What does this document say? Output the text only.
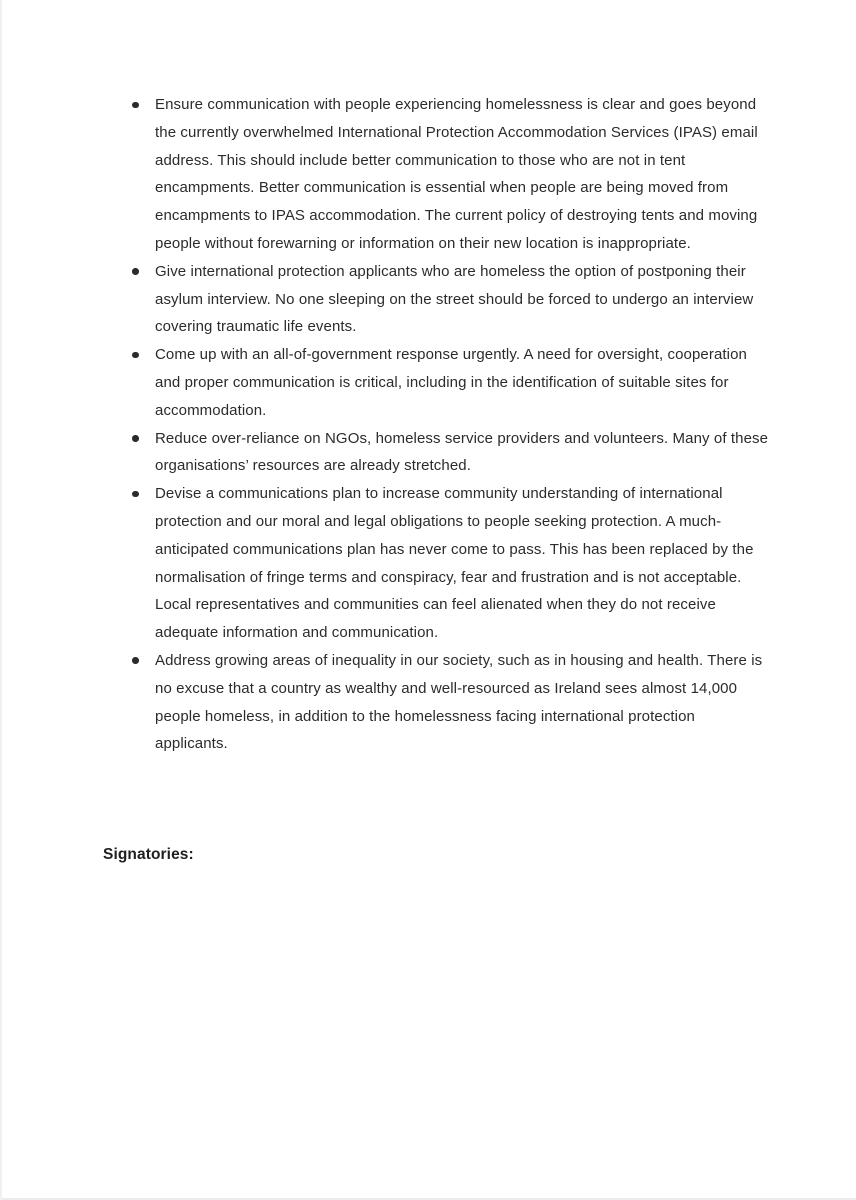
Ensure communication with people experiencing homelessness is clear and goes beyond the currently overwhelmed International Protection Accommodation Services (IPAS) email address. This should include better communication to those who are not in tent encampments. Better communication is essential when people are being moved from encampments to IPAS accommodation. The current policy of destroying tents and moving people without forewarning or information on their new location is inappropriate.
Give international protection applicants who are homeless the option of postponing their asylum interview. No one sleeping on the street should be forced to undergo an interview covering traumatic life events.
Come up with an all-of-government response urgently. A need for oversight, cooperation and proper communication is critical, including in the identification of suitable sites for accommodation.
Reduce over-reliance on NGOs, homeless service providers and volunteers. Many of these organisations’ resources are already stretched.
Devise a communications plan to increase community understanding of international protection and our moral and legal obligations to people seeking protection. A much-anticipated communications plan has never come to pass. This has been replaced by the normalisation of fringe terms and conspiracy, fear and frustration and is not acceptable. Local representatives and communities can feel alienated when they do not receive adequate information and communication.
Address growing areas of inequality in our society, such as in housing and health. There is no excuse that a country as wealthy and well-resourced as Ireland sees almost 14,000 people homeless, in addition to the homelessness facing international protection applicants.
Signatories:
